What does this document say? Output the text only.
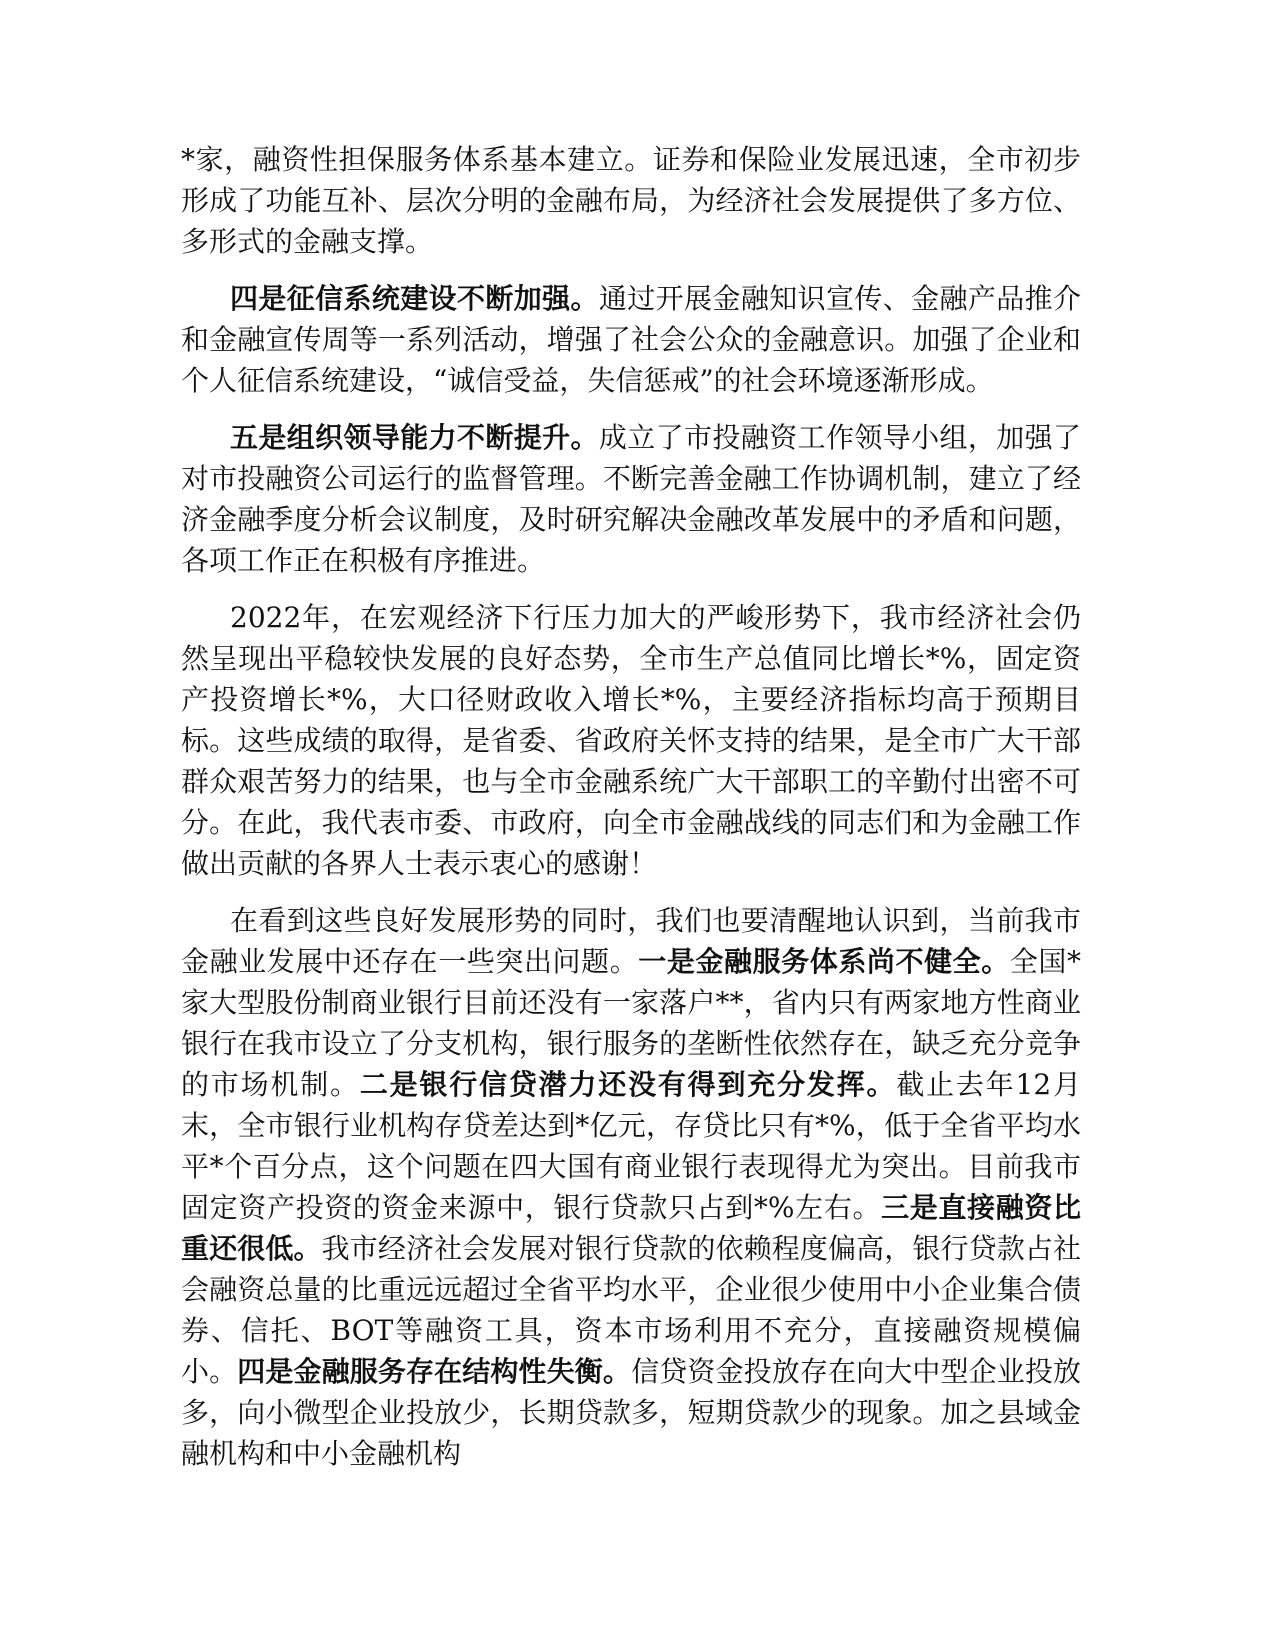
*家，融资性担保服务体系基本建立。证券和保险业发展迅速，全市初步形成了功能互补、层次分明的金融布局，为经济社会发展提供了多方位、多形式的金融支撑。

四是征信系统建设不断加强。通过开展金融知识宣传、金融产品推介和金融宣传周等一系列活动，增强了社会公众的金融意识。加强了企业和个人征信系统建设，“诚信受益，失信惩戒”的社会环境逐渐形成。

五是组织领导能力不断提升。成立了市投融资工作领导小组，加强了对市投融资公司运行的监督管理。不断完善金融工作协调机制，建立了经济金融季度分析会议制度，及时研究解决金融改革发展中的矛盾和问题，各项工作正在积极有序推进。

2022年，在宏观经济下行压力加大的严峻形势下，我市经济社会仍然呈现出平稳较快发展的良好态势，全市生产总值同比增长*%，固定资产投资增长*%，大口径财政收入增长*%，主要经济指标均高于预期目标。这些成绩的取得，是省委、省政府关怀支持的结果，是全市广大干部群众艰苦努力的结果，也与全市金融系统广大干部职工的辛勤付出密不可分。在此，我代表市委、市政府，向全市金融战线的同志们和为金融工作做出贡献的各界人士表示衷心的感谢！

在看到这些良好发展形势的同时，我们也要清醒地认识到，当前我市金融业发展中还存在一些突出问题。一是金融服务体系尚不健全。全国*家大型股份制商业银行目前还没有一家落户**，省内只有两家地方性商业银行在我市设立了分支机构，银行服务的垄断性依然存在，缺乏充分竞争的市场机制。二是银行信贷潜力还没有得到充分发挥。截止去年12月末，全市银行业机构存贷差达到*亿元，存贷比只有*%，低于全省平均水平*个百分点，这个问题在四大国有商业银行表现得尤为突出。目前我市固定资产投资的资金来源中，银行贷款只占到*%左右。三是直接融资比重还很低。我市经济社会发展对银行贷款的依赖程度偏高，银行贷款占社会融资总量的比重远远超过全省平均水平，企业很少使用中小企业集合债券、信托、BOT等融资工具，资本市场利用不充分，直接融资规模偏小。四是金融服务存在结构性失衡。信贷资金投放存在向大中型企业投放多，向小微型企业投放少，长期贷款多，短期贷款少的现象。加之县域金融机构和中小金融机构
